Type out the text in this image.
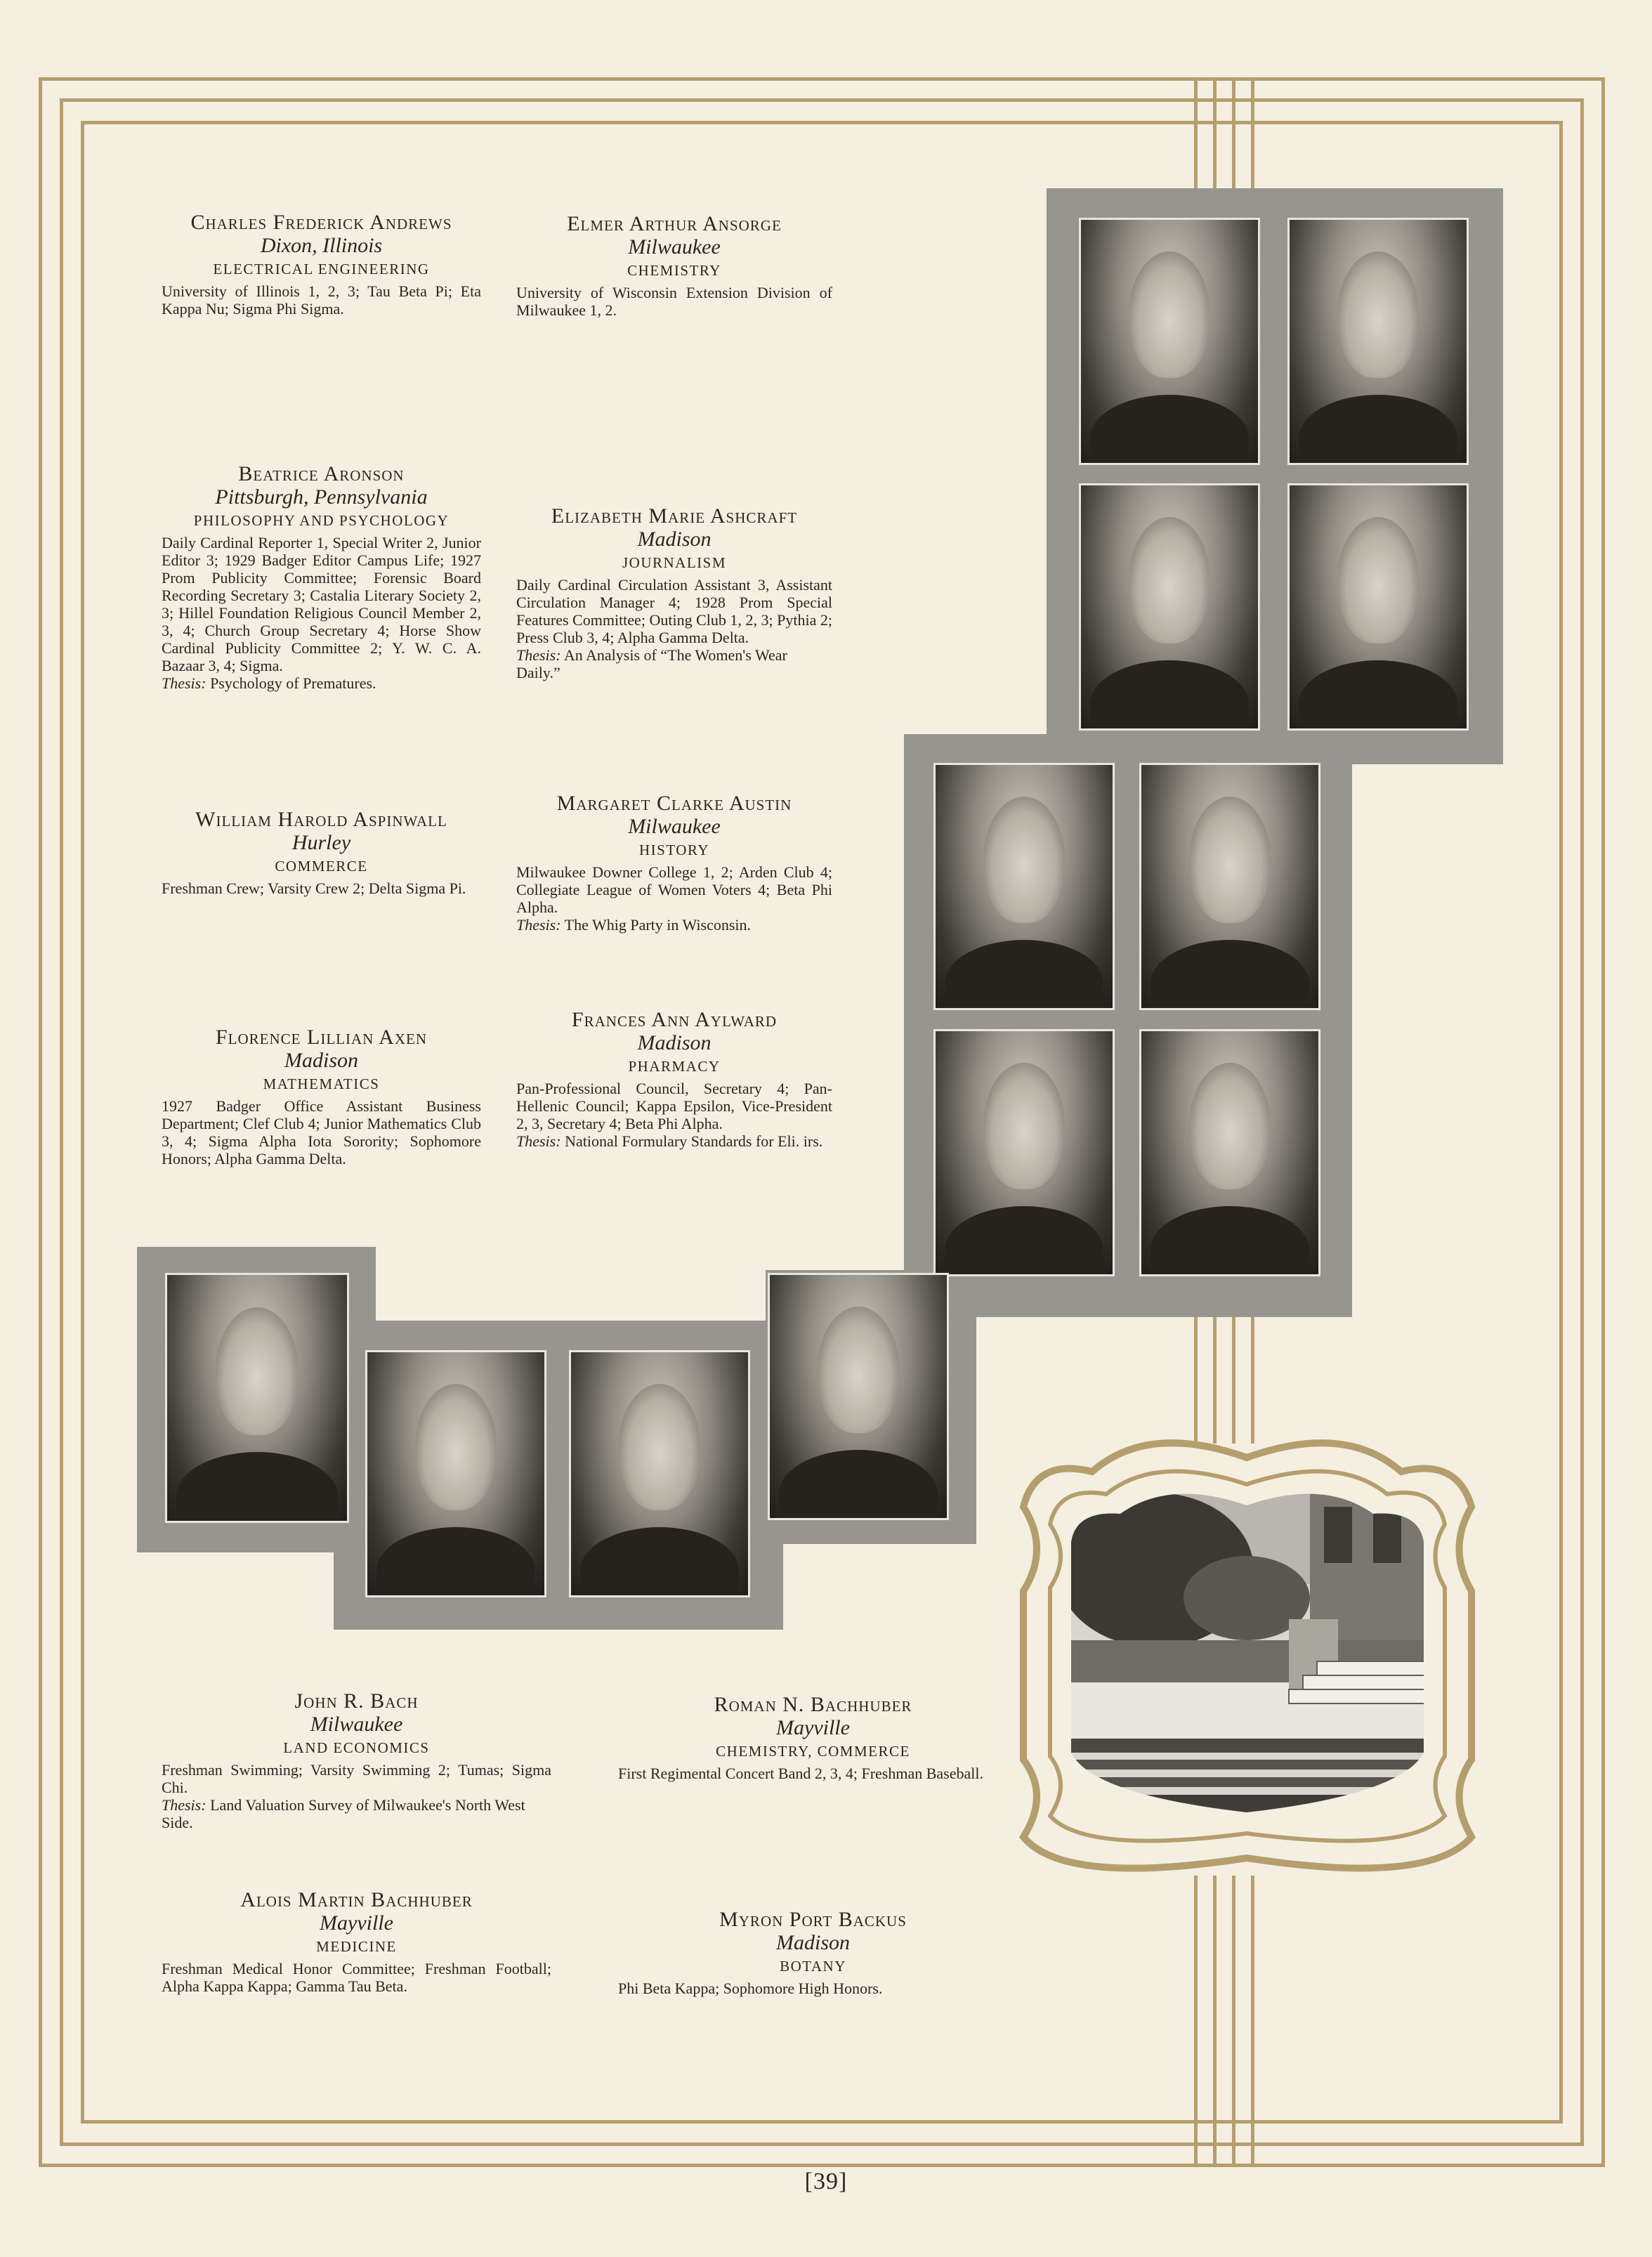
Charles Frederick Andrews
Dixon, Illinois
ELECTRICAL ENGINEERING
University of Illinois 1, 2, 3; Tau Beta Pi; Eta Kappa Nu; Sigma Phi Sigma.
Elmer Arthur Ansorge
Milwaukee
CHEMISTRY
University of Wisconsin Extension Division of Milwaukee 1, 2.
Beatrice Aronson
Pittsburgh, Pennsylvania
PHILOSOPHY AND PSYCHOLOGY
Daily Cardinal Reporter 1, Special Writer 2, Junior Editor 3; 1929 Badger Editor Campus Life; 1927 Prom Publicity Committee; Forensic Board Recording Secretary 3; Castalia Literary Society 2, 3; Hillel Foundation Religious Council Member 2, 3, 4; Church Group Secretary 4; Horse Show Cardinal Publicity Committee 2; Y. W. C. A. Bazaar 3, 4; Sigma.
Thesis: Psychology of Prematures.
Elizabeth Marie Ashcraft
Madison
JOURNALISM
Daily Cardinal Circulation Assistant 3, Assistant Circulation Manager 4; 1928 Prom Special Features Committee; Outing Club 1, 2, 3; Pythia 2; Press Club 3, 4; Alpha Gamma Delta.
Thesis: An Analysis of “The Women's Wear Daily.”
William Harold Aspinwall
Hurley
COMMERCE
Freshman Crew; Varsity Crew 2; Delta Sigma Pi.
Margaret Clarke Austin
Milwaukee
HISTORY
Milwaukee Downer College 1, 2; Arden Club 4; Collegiate League of Women Voters 4; Beta Phi Alpha.
Thesis: The Whig Party in Wisconsin.
Florence Lillian Axen
Madison
MATHEMATICS
1927 Badger Office Assistant Business Department; Clef Club 4; Junior Mathematics Club 3, 4; Sigma Alpha Iota Sorority; Sophomore Honors; Alpha Gamma Delta.
Frances Ann Aylward
Madison
PHARMACY
Pan-Professional Council, Secretary 4; Pan-Hellenic Council; Kappa Epsilon, Vice-President 2, 3, Secretary 4; Beta Phi Alpha.
Thesis: National Formulary Standards for Eli. irs.
John R. Bach
Milwaukee
LAND ECONOMICS
Freshman Swimming; Varsity Swimming 2; Tumas; Sigma Chi.
Thesis: Land Valuation Survey of Milwaukee's North West Side.
Roman N. Bachhuber
Mayville
CHEMISTRY, COMMERCE
First Regimental Concert Band 2, 3, 4; Freshman Baseball.
Alois Martin Bachhuber
Mayville
MEDICINE
Freshman Medical Honor Committee; Freshman Football; Alpha Kappa Kappa; Gamma Tau Beta.
Myron Port Backus
Madison
BOTANY
Phi Beta Kappa; Sophomore High Honors.
[39]
